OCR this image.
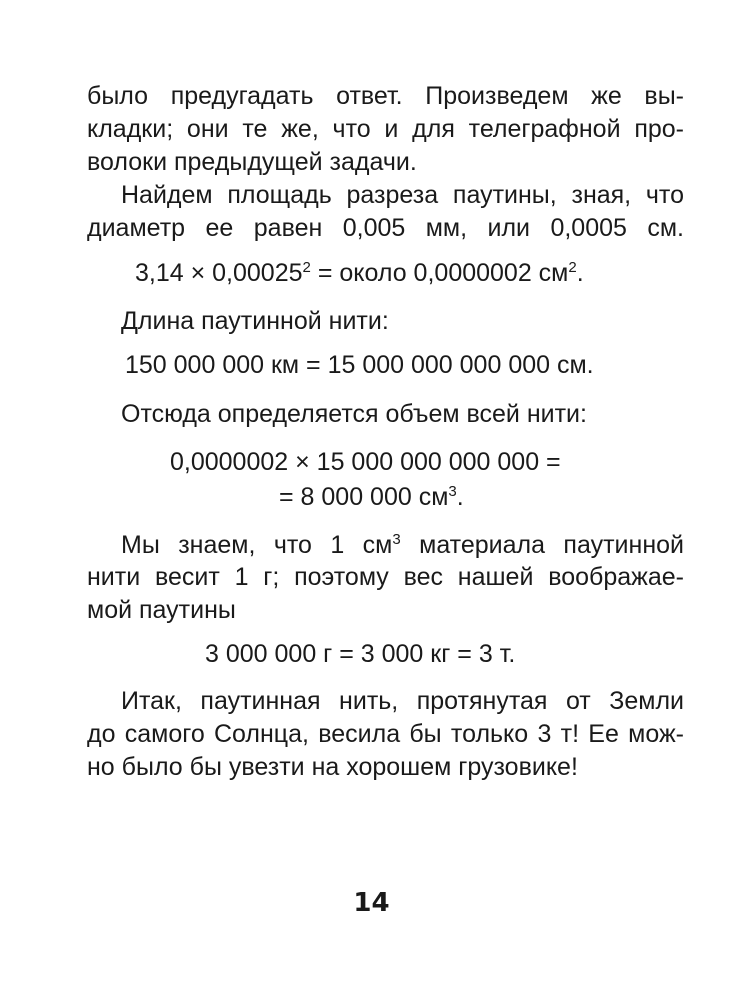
было предугадать ответ. Произведем же вы-
кладки; они те же, что и для телеграфной про-
волоки предыдущей задачи.
Найдем площадь разреза паутины, зная, что
диаметр ее равен 0,005 мм, или 0,0005 см.
$3,14 \times 0,00025^2$ = около 0,0000002 $см^2$.
Длина паутинной нити:
150 000 000 км = 15 000 000 000 000 см.
Отсюда определяется объем всей нити:
0,0000002 × 15 000 000 000 000 =
= 8 000 000 $см^3$.
Мы знаем, что 1 $см^3$ материала паутинной
нити весит 1 г; поэтому вес нашей воображае-
мой паутины
3 000 000 г = 3 000 кг = 3 т.
Итак, паутинная нить, протянутая от Земли
до самого Солнца, весила бы только 3 т! Ее мож-
но было бы увезти на хорошем грузовике!
14
